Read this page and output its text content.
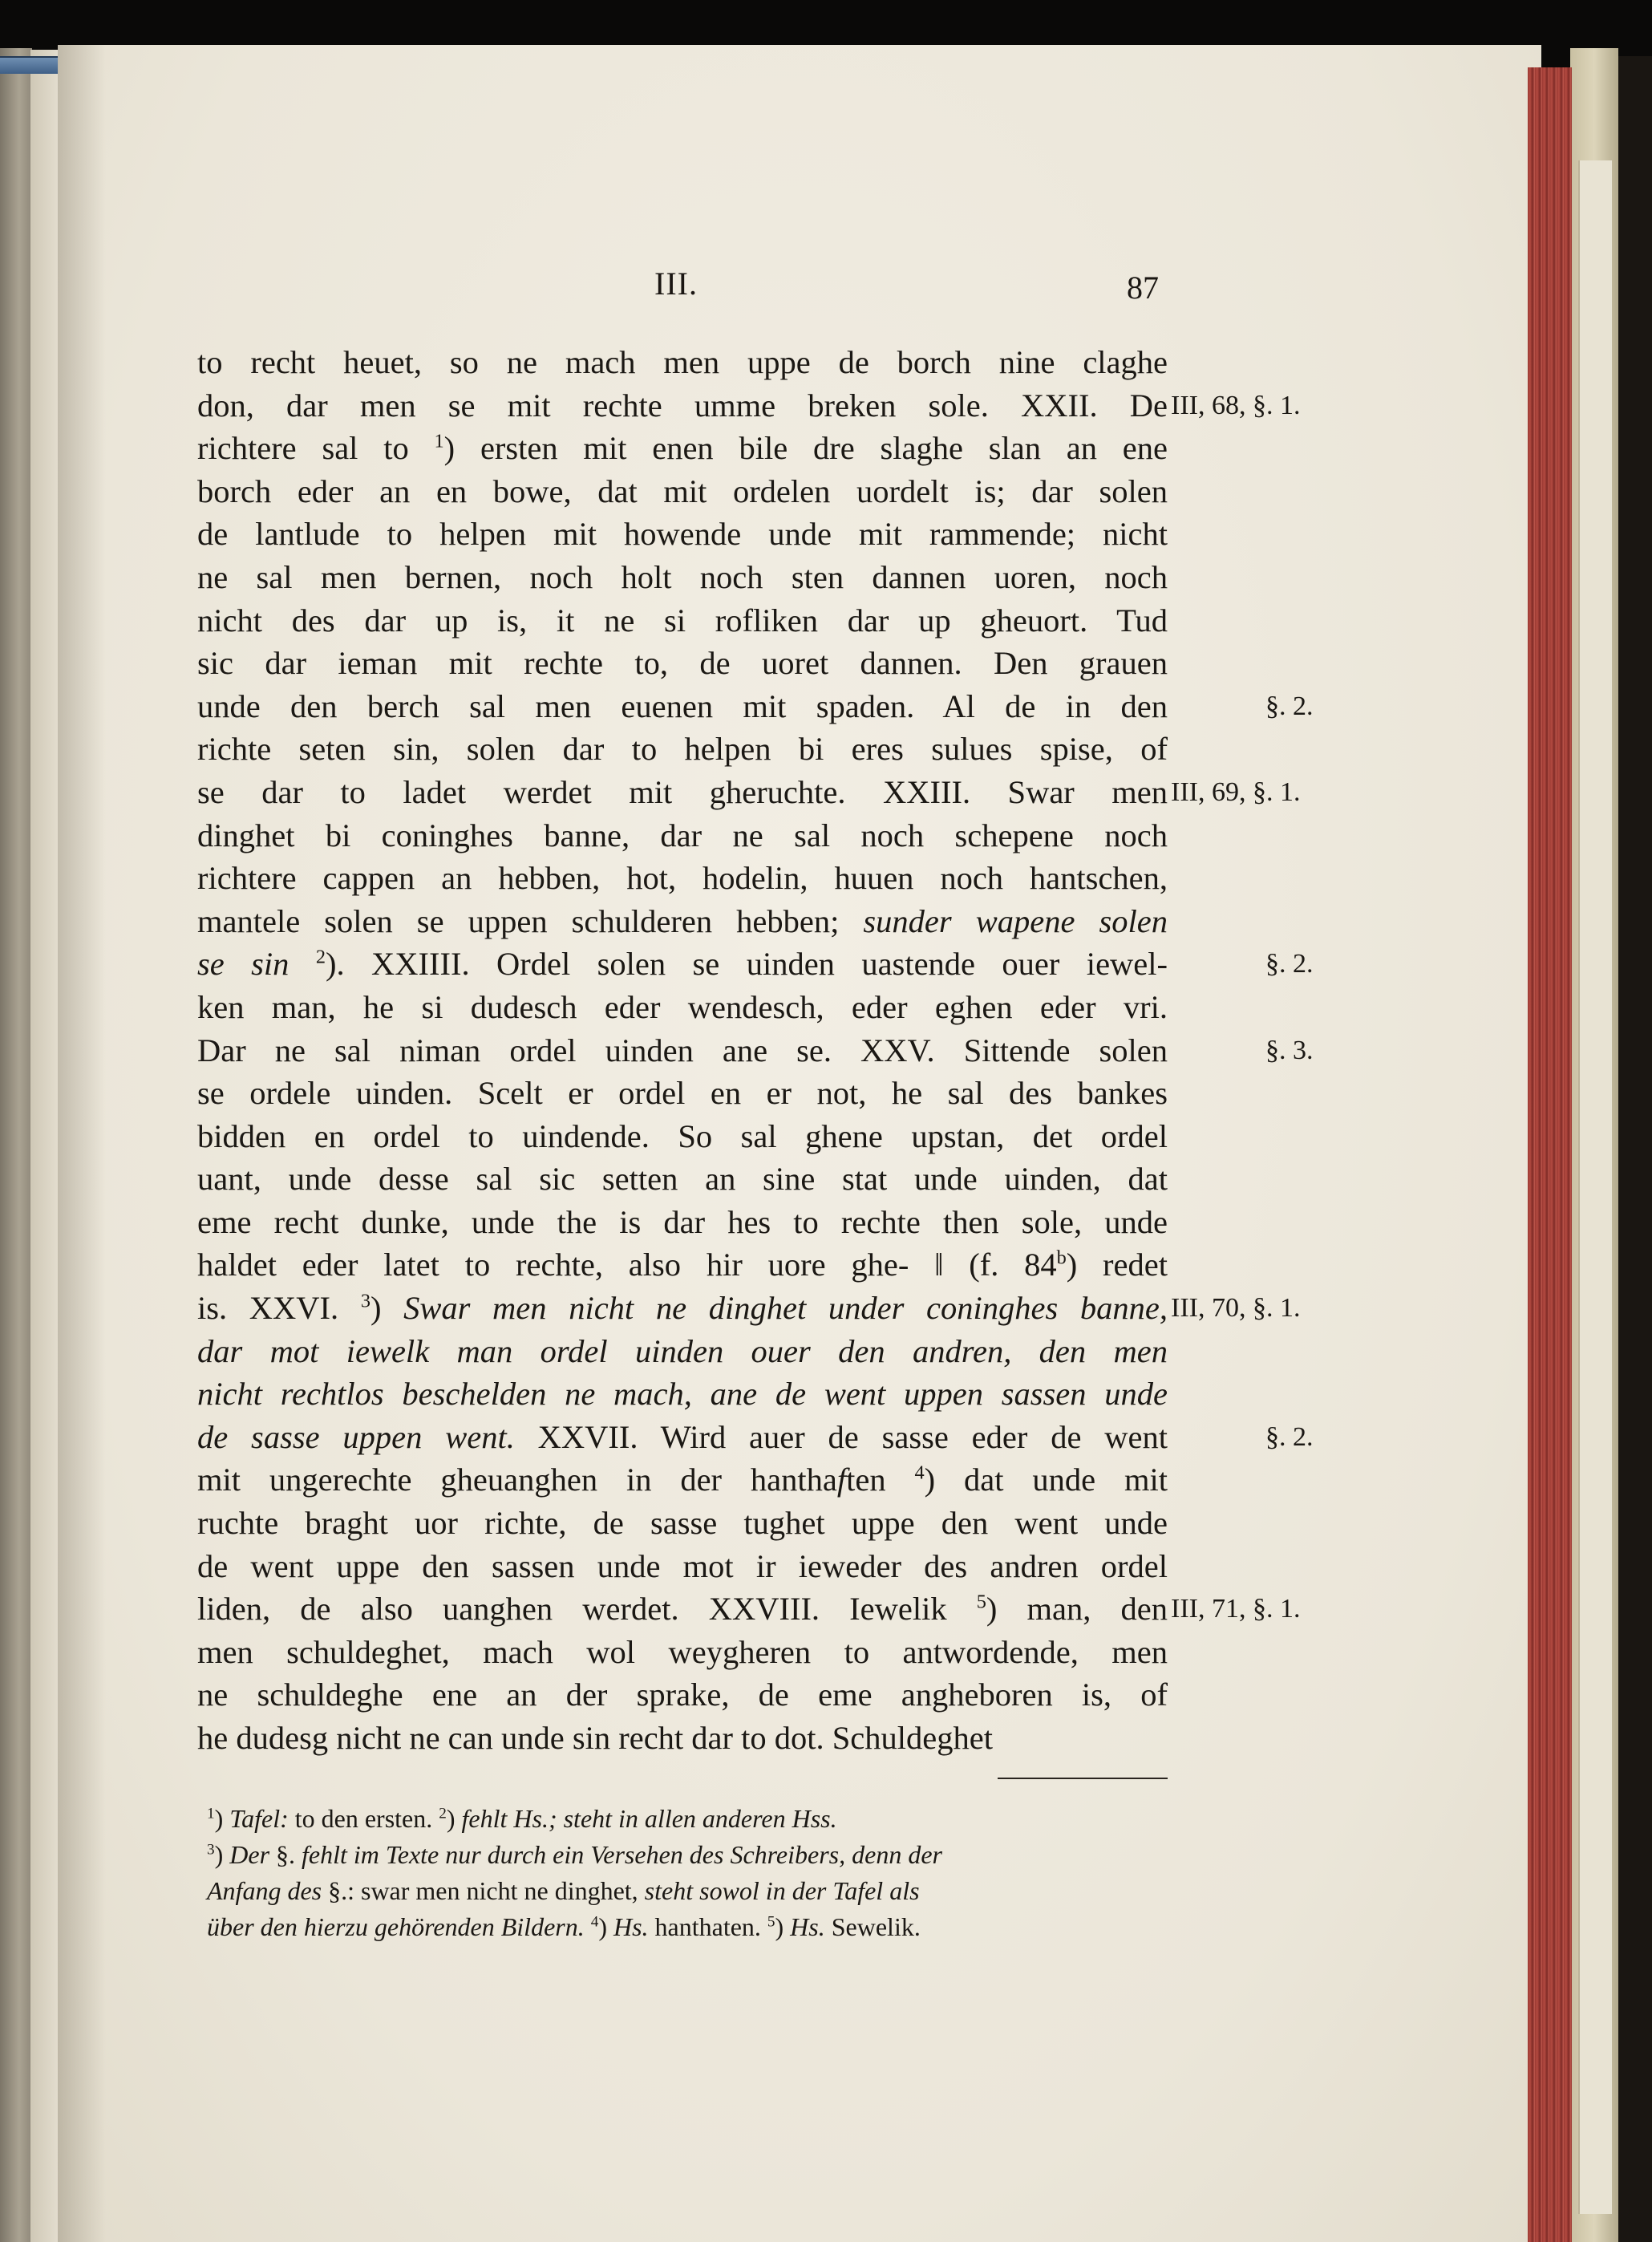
III.	87
to recht heuet, so ne mach men uppe de borch nine claghe
don, dar men se mit rechte umme breken sole. XXII. De
richtere sal to $^1$) ersten mit enen bile dre slaghe slan an ene
borch eder an en bowe, dat mit ordelen uordelt is; dar solen
de lantlude to helpen mit howende unde mit rammende; nicht
ne sal men bernen, noch holt noch sten dannen uoren, noch
nicht des dar up is, it ne si rofliken dar up gheuort. Tud
sic dar ieman mit rechte to, de uoret dannen. Den grauen
unde den berch sal men euenen mit spaden. Al de in den
richte seten sin, solen dar to helpen bi eres sulues spise, of
se dar to ladet werdet mit gheruchte. XXIII. Swar men
dinghet bi coninghes banne, dar ne sal noch schepene noch
richtere cappen an hebben, hot, hodelin, huuen noch hantschen,
mantele solen se uppen schulderen hebben; sunder wapene solen
se sin $^2$). XXIIII. Ordel solen se uinden uastende ouer iewel-
ken man, he si dudesch eder wendesch, eder eghen eder vri.
Dar ne sal niman ordel uinden ane se. XXV. Sittende solen
se ordele uinden. Scelt er ordel en er not, he sal des bankes
bidden en ordel to uindende. So sal ghene upstan, det ordel
uant, unde desse sal sic setten an sine stat unde uinden, dat
eme recht dunke, unde the is dar hes to rechte then sole, unde
haldet eder latet to rechte, also hir uore ghe- ‖ (f. 84$^b$) redet
is. XXVI. $^3$) Swar men nicht ne dinghet under coninghes banne,
dar mot iewelk man ordel uinden ouer den andren, den men
nicht rechtlos beschelden ne mach, ane de went uppen sassen unde
de sasse uppen went. XXVII. Wird auer de sasse eder de went
mit ungerechte gheuanghen in der hanthaften $^4$) dat unde mit
ruchte braght uor richte, de sasse tughet uppe den went unde
de went uppe den sassen unde mot ir ieweder des andren ordel
liden, de also uanghen werdet. XXVIII. Iewelik $^5$) man, den
men schuldeghet, mach wol weygheren to antwordende, men
ne schuldeghe ene an der sprake, de eme angheboren is, of
he dudesg nicht ne can unde sin recht dar to dot. Schuldeghet
III, 68, §. 1.
§. 2.
III, 69, §. 1.
§. 2.
§. 3.
III, 70, §. 1.
§. 2.
III, 71, §. 1.
$^1$) Tafel: to den ersten. $^2$) fehlt Hs.; steht in allen anderen Hss.
$^3$) Der §. fehlt im Texte nur durch ein Versehen des Schreibers, denn der
Anfang des §.: swar men nicht ne dinghet, steht sowol in der Tafel als
über den hierzu gehörenden Bildern. $^4$) Hs. hanthaten. $^5$) Hs. Sewelik.
